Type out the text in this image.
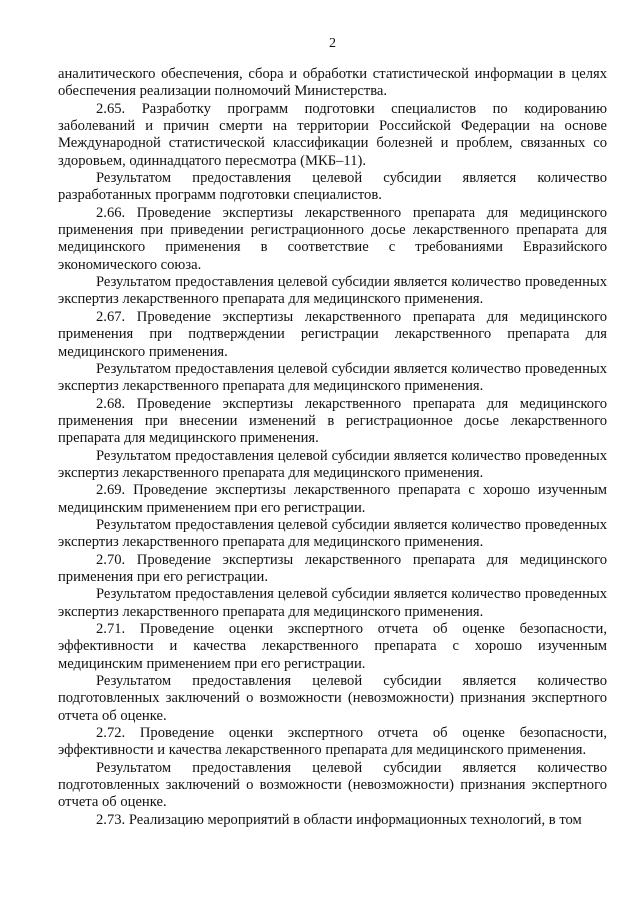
2

аналитического обеспечения, сбора и обработки статистической информации в целях обеспечения реализации полномочий Министерства.

2.65. Разработку программ подготовки специалистов по кодированию заболеваний и причин смерти на территории Российской Федерации на основе Международной статистической классификации болезней и проблем, связанных со здоровьем, одиннадцатого пересмотра (МКБ–11).

Результатом предоставления целевой субсидии является количество разработанных программ подготовки специалистов.

2.66. Проведение экспертизы лекарственного препарата для медицинского применения при приведении регистрационного досье лекарственного препарата для медицинского применения в соответствие с требованиями Евразийского экономического союза.

Результатом предоставления целевой субсидии является количество проведенных экспертиз лекарственного препарата для медицинского применения.

2.67. Проведение экспертизы лекарственного препарата для медицинского применения при подтверждении регистрации лекарственного препарата для медицинского применения.

Результатом предоставления целевой субсидии является количество проведенных экспертиз лекарственного препарата для медицинского применения.

2.68. Проведение экспертизы лекарственного препарата для медицинского применения при внесении изменений в регистрационное досье лекарственного препарата для медицинского применения.

Результатом предоставления целевой субсидии является количество проведенных экспертиз лекарственного препарата для медицинского применения.

2.69. Проведение экспертизы лекарственного препарата с хорошо изученным медицинским применением при его регистрации.

Результатом предоставления целевой субсидии является количество проведенных экспертиз лекарственного препарата для медицинского применения.

2.70. Проведение экспертизы лекарственного препарата для медицинского применения при его регистрации.

Результатом предоставления целевой субсидии является количество проведенных экспертиз лекарственного препарата для медицинского применения.

2.71. Проведение оценки экспертного отчета об оценке безопасности, эффективности и качества лекарственного препарата с хорошо изученным медицинским применением при его регистрации.

Результатом предоставления целевой субсидии является количество подготовленных заключений о возможности (невозможности) признания экспертного отчета об оценке.

2.72. Проведение оценки экспертного отчета об оценке безопасности, эффективности и качества лекарственного препарата для медицинского применения.

Результатом предоставления целевой субсидии является количество подготовленных заключений о возможности (невозможности) признания экспертного отчета об оценке.

2.73. Реализацию мероприятий в области информационных технологий, в том
